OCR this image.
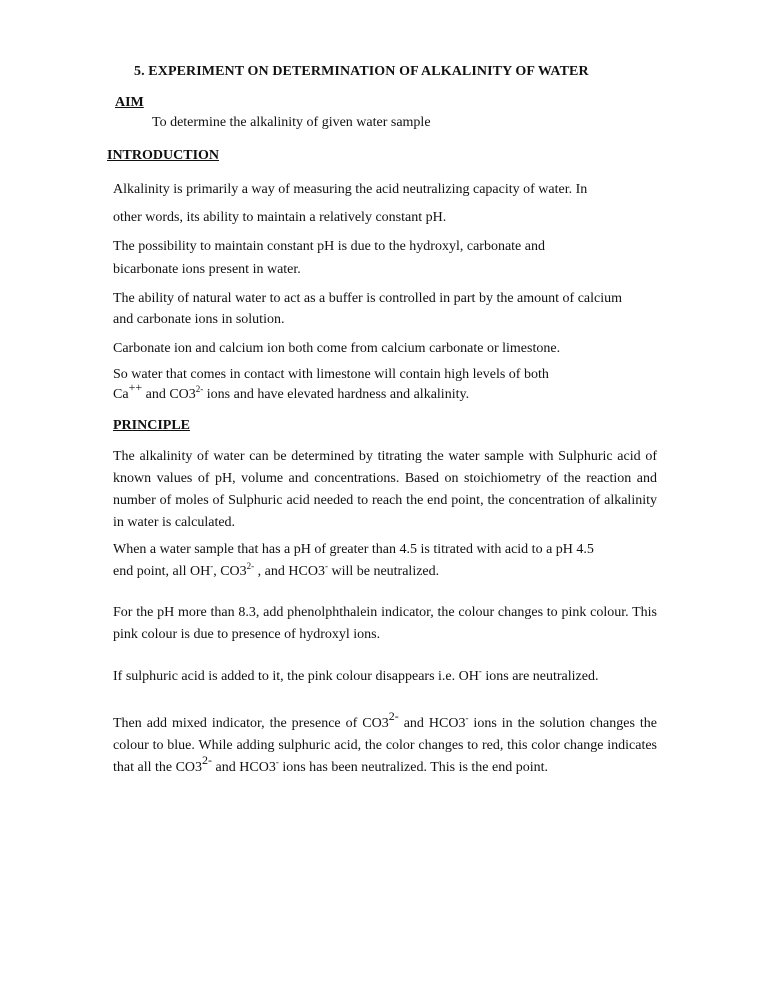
5. EXPERIMENT ON DETERMINATION OF ALKALINITY OF WATER
AIM
To determine the alkalinity of given water sample
INTRODUCTION
Alkalinity is primarily a way of measuring the acid neutralizing capacity of water. In
other words, its ability to maintain a relatively constant pH.
The possibility to maintain constant pH is due to the hydroxyl, carbonate and
bicarbonate ions present in water.
The ability of natural water to act as a buffer is controlled in part by the amount of calcium
and carbonate ions in solution.
Carbonate ion and calcium ion both come from calcium carbonate or limestone.
So water that comes in contact with limestone will contain high levels of both
Ca++ and $CO3^{2-}$ ions and have elevated hardness and alkalinity.
PRINCIPLE
The alkalinity of water can be determined by titrating the water sample with Sulphuric acid of known values of pH, volume and concentrations. Based on stoichiometry of the reaction and number of moles of Sulphuric acid needed to reach the end point, the concentration of alkalinity in water is calculated.
When a water sample that has a pH of greater than 4.5 is titrated with acid to a pH 4.5
end point, all OH-, $CO3^{2-}$ , and HCO3- will be neutralized.
For the pH more than 8.3, add phenolphthalein indicator, the colour changes to pink colour. This pink colour is due to presence of hydroxyl ions.
If sulphuric acid is added to it, the pink colour disappears i.e. OH- ions are neutralized.
Then add mixed indicator, the presence of $CO3^{2-}$ and HCO3- ions in the solution changes the colour to blue. While adding sulphuric acid, the color changes to red, this color change indicates that all the $CO3^{2-}$ and HCO3- ions has been neutralized. This is the end point.
